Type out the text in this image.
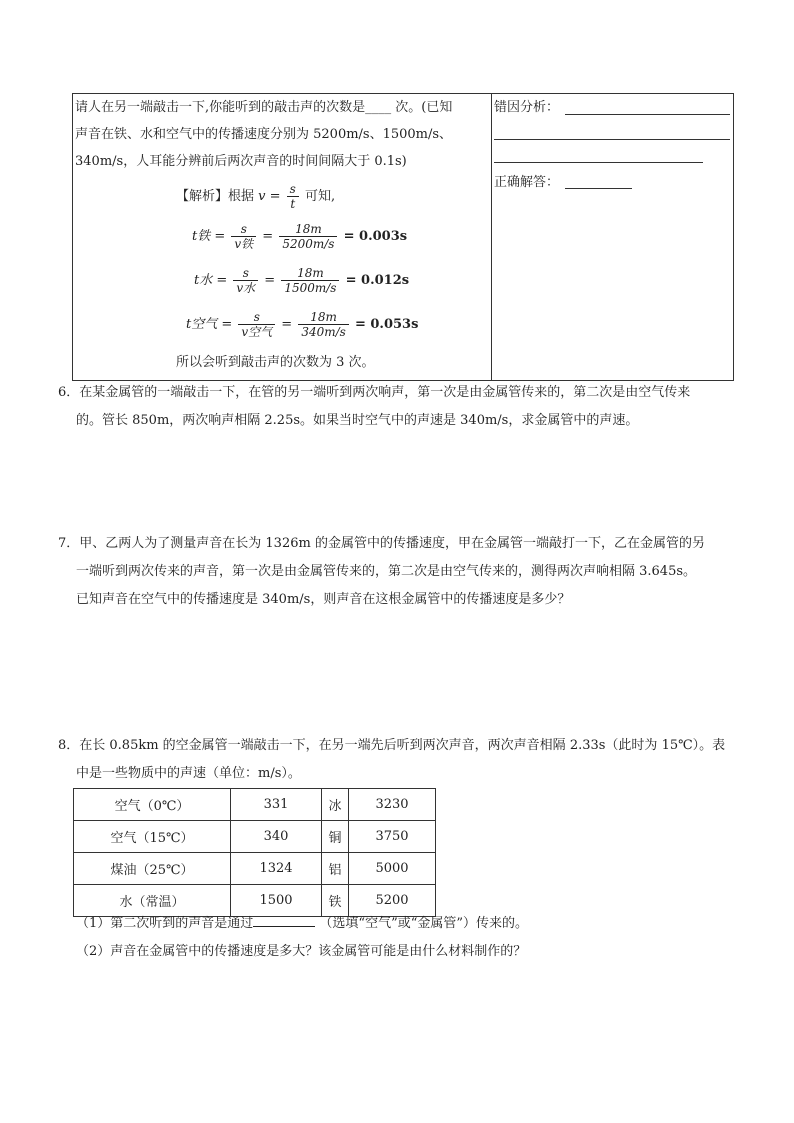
请人在另一端敲击一下,你能听到的敲击声的次数是____ 次。(已知
声音在铁、水和空气中的传播速度分别为 5200m/s、1500m/s、
340m/s，人耳能分辨前后两次声音的时间间隔大于 0.1s)
【解析】根据 $v = \frac{s}{t}$ 可知,
t铁 = $\frac{s}{\text{v铁}} = \frac{18m}{5200m/s} = 0.003s$
t水 = $\frac{s}{\text{v水}} = \frac{18m}{1500m/s} = 0.012s$
t空气 = $\frac{s}{\text{v空气}} = \frac{18m}{340m/s} = 0.053s$
所以会听到敲击声的次数为 3 次。
错因分析：
正确解答：
6．在某金属管的一端敲击一下，在管的另一端听到两次响声，第一次是由金属管传来的，第二次是由空气传来
的。管长 850m，两次响声相隔 2.25s。如果当时空气中的声速是 340m/s，求金属管中的声速。
7．甲、乙两人为了测量声音在长为 1326m 的金属管中的传播速度，甲在金属管一端敲打一下，乙在金属管的另
一端听到两次传来的声音，第一次是由金属管传来的，第二次是由空气传来的，测得两次声响相隔 3.645s。
已知声音在空气中的传播速度是 340m/s，则声音在这根金属管中的传播速度是多少？
8．在长 0.85km 的空金属管一端敲击一下，在另一端先后听到两次声音，两次声音相隔 2.33s（此时为 15℃）。表
中是一些物质中的声速（单位：m/s）。
空气（0℃）	331	冰	3230
空气（15℃）	340	铜	3750
煤油（25℃）	1324	铝	5000
水（常温）	1500	铁	5200
（1）第二次听到的声音是通过	（选填“空气”或“金属管”）传来的。
（2）声音在金属管中的传播速度是多大？该金属管可能是由什么材料制作的？
